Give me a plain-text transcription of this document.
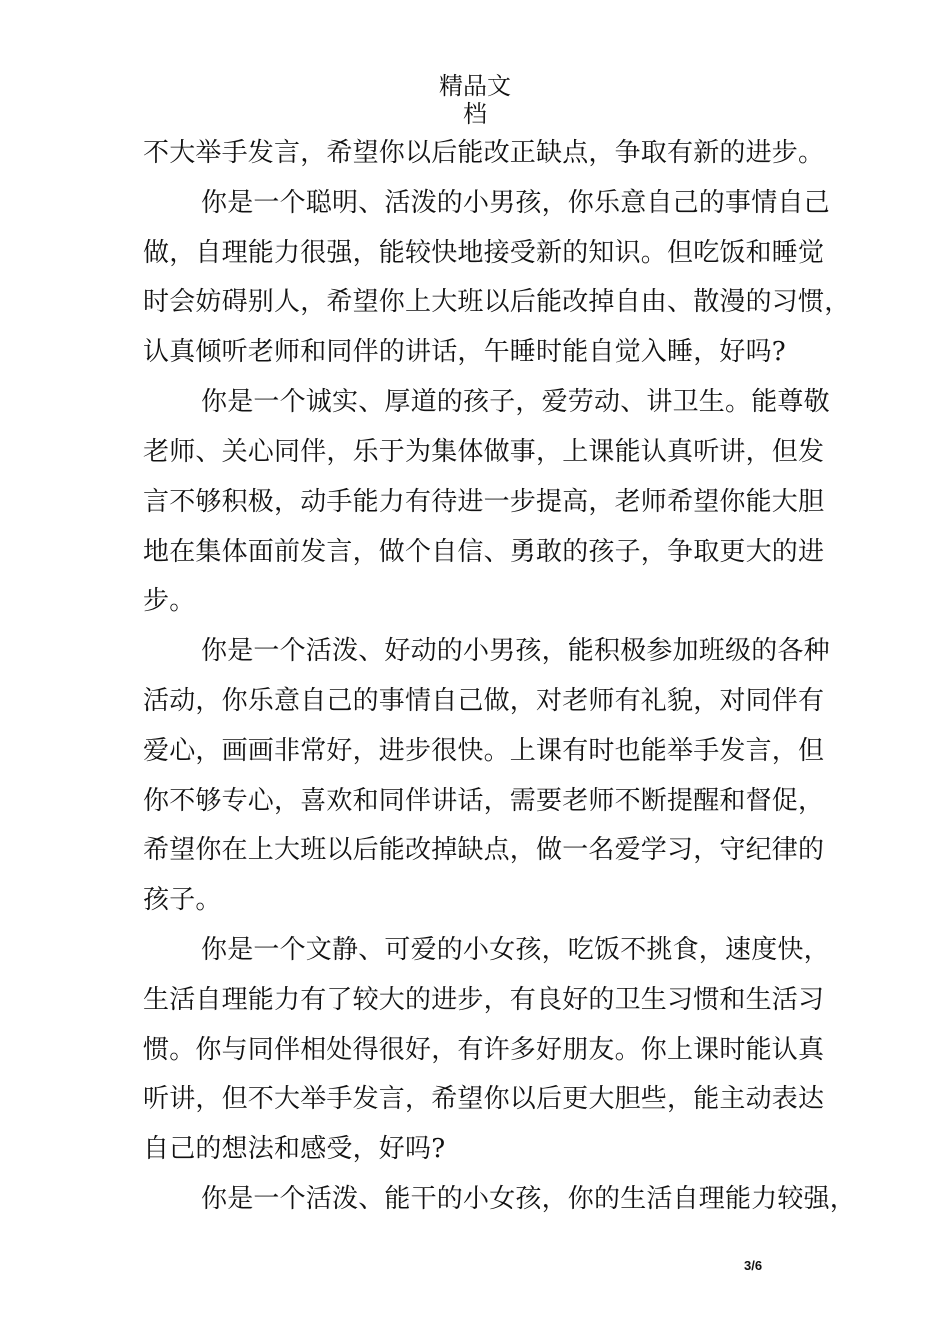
精品文
档
不大举手发言，希望你以后能改正缺点，争取有新的进步。
你是一个聪明、活泼的小男孩，你乐意自己的事情自己
做，自理能力很强，能较快地接受新的知识。但吃饭和睡觉
时会妨碍别人，希望你上大班以后能改掉自由、散漫的习惯，
认真倾听老师和同伴的讲话，午睡时能自觉入睡，好吗?
你是一个诚实、厚道的孩子，爱劳动、讲卫生。能尊敬
老师、关心同伴，乐于为集体做事，上课能认真听讲，但发
言不够积极，动手能力有待进一步提高，老师希望你能大胆
地在集体面前发言，做个自信、勇敢的孩子，争取更大的进
步。
你是一个活泼、好动的小男孩，能积极参加班级的各种
活动，你乐意自己的事情自己做，对老师有礼貌，对同伴有
爱心，画画非常好，进步很快。上课有时也能举手发言，但
你不够专心，喜欢和同伴讲话，需要老师不断提醒和督促，
希望你在上大班以后能改掉缺点，做一名爱学习，守纪律的
孩子。
你是一个文静、可爱的小女孩，吃饭不挑食，速度快，
生活自理能力有了较大的进步，有良好的卫生习惯和生活习
惯。你与同伴相处得很好，有许多好朋友。你上课时能认真
听讲，但不大举手发言，希望你以后更大胆些，能主动表达
自己的想法和感受，好吗?
你是一个活泼、能干的小女孩，你的生活自理能力较强，
3/6
